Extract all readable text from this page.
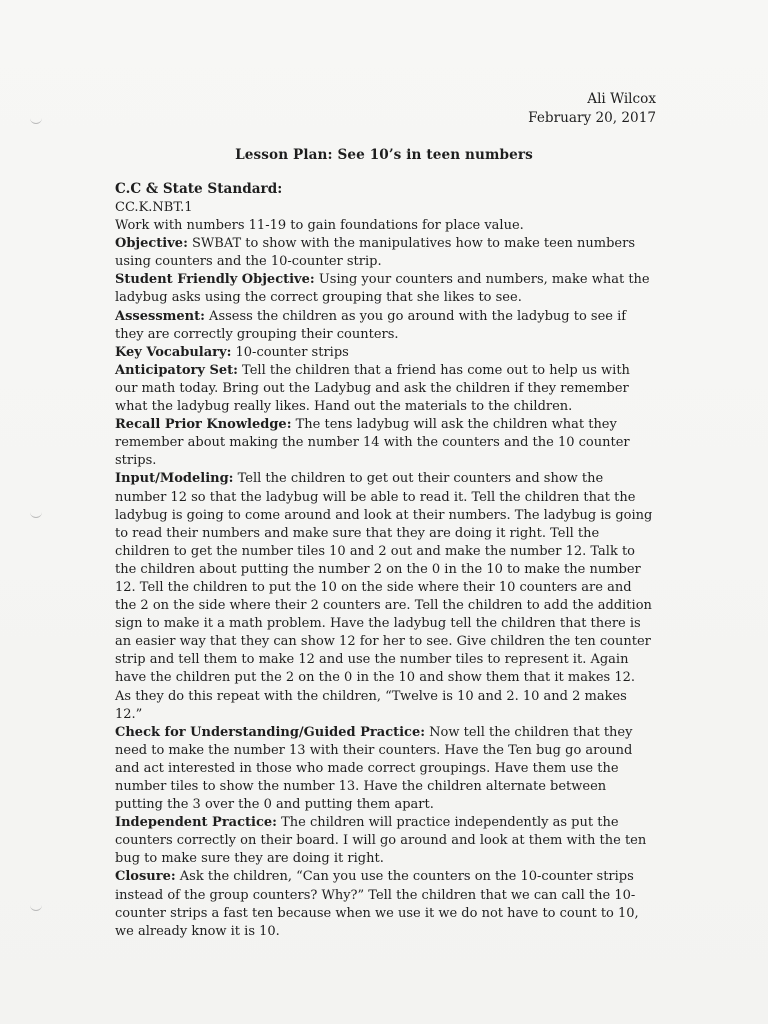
Ali Wilcox
February 20, 2017
Lesson Plan: See 10’s in teen numbers
C.C & State Standard:
CC.K.NBT.1
Work with numbers 11-19 to gain foundations for place value.

Objective: SWBAT to show with the manipulatives how to make teen numbers using counters and the 10-counter strip.

Student Friendly Objective: Using your counters and numbers, make what the ladybug asks using the correct grouping that she likes to see.

Assessment: Assess the children as you go around with the ladybug to see if they are correctly grouping their counters.

Key Vocabulary: 10-counter strips

Anticipatory Set: Tell the children that a friend has come out to help us with our math today. Bring out the Ladybug and ask the children if they remember what the ladybug really likes. Hand out the materials to the children.

Recall Prior Knowledge: The tens ladybug will ask the children what they remember about making the number 14 with the counters and the 10 counter strips.

Input/Modeling: Tell the children to get out their counters and show the number 12 so that the ladybug will be able to read it. Tell the children that the ladybug is going to come around and look at their numbers. The ladybug is going to read their numbers and make sure that they are doing it right. Tell the children to get the number tiles 10 and 2 out and make the number 12. Talk to the children about putting the number 2 on the 0 in the 10 to make the number 12. Tell the children to put the 10 on the side where their 10 counters are and the 2 on the side where their 2 counters are. Tell the children to add the addition sign to make it a math problem. Have the ladybug tell the children that there is an easier way that they can show 12 for her to see. Give children the ten counter strip and tell them to make 12 and use the number tiles to represent it. Again have the children put the 2 on the 0 in the 10 and show them that it makes 12. As they do this repeat with the children, “Twelve is 10 and 2. 10 and 2 makes 12.”

Check for Understanding/Guided Practice: Now tell the children that they need to make the number 13 with their counters. Have the Ten bug go around and act interested in those who made correct groupings. Have them use the number tiles to show the number 13. Have the children alternate between putting the 3 over the 0 and putting them apart.

Independent Practice: The children will practice independently as put the counters correctly on their board. I will go around and look at them with the ten bug to make sure they are doing it right.

Closure: Ask the children, “Can you use the counters on the 10-counter strips instead of the group counters? Why?” Tell the children that we can call the 10-counter strips a fast ten because when we use it we do not have to count to 10, we already know it is 10.
